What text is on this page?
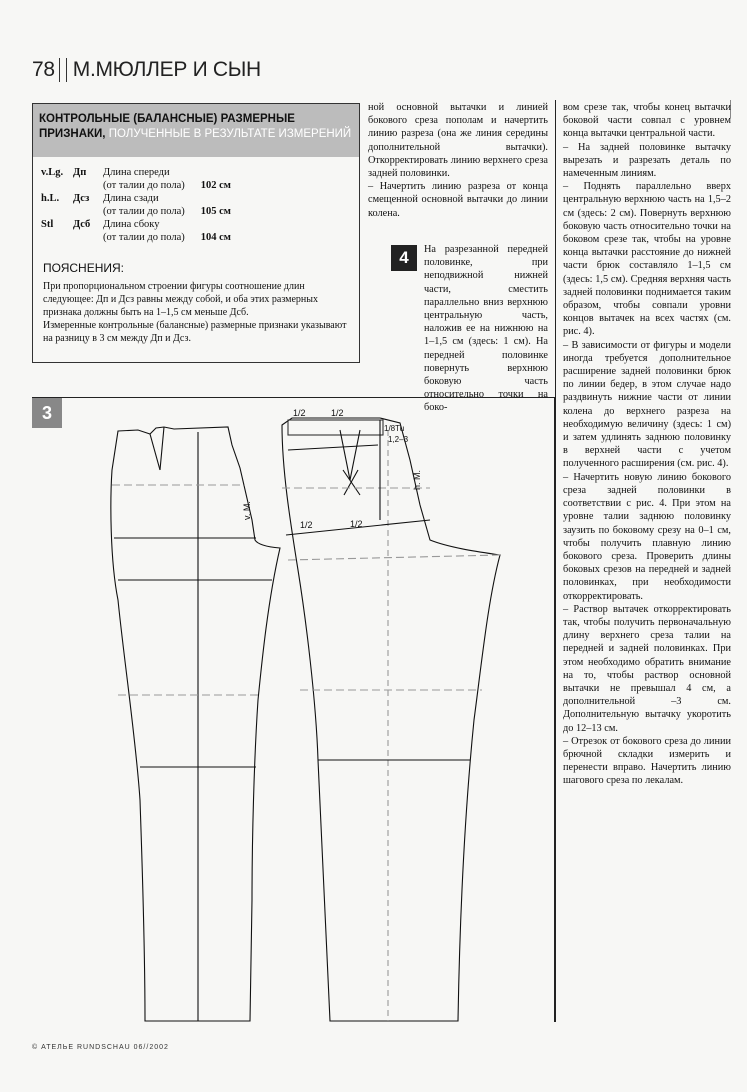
78 М.МЮЛЛЕР И СЫН
КОНТРОЛЬНЫЕ (БАЛАНСНЫЕ) РАЗМЕРНЫЕ
ПРИЗНАКИ, ПОЛУЧЕННЫЕ В РЕЗУЛЬТАТЕ ИЗМЕРЕНИЙ
v.Lg.	Дп	Длина спереди
(от талии до пола)	102 см
h.L.	Дсз	Длина сзади
(от талии до пола)	105 см
Stl	Дсб	Длина сбоку
(от талии до пола)	104 см
ПОЯСНЕНИЯ:
При пропорциональном строении фигуры соотношение длин следующее: Дп и Дсз равны между собой, и оба этих размерных признака должны быть на 1–1,5 см меньше Дсб.
Измеренные контрольные (балансные) размерные признаки указывают на разницу в 3 см между Дп и Дсз.

ной основной вытачки и линией бокового среза пополам и начертить линию разреза (она же линия середины дополнительной вытачки). Откорректировать линию верхнего среза задней половинки.

– Начертить линию разреза от конца смещенной основной вытачки до линии колена.

4	На разрезанной передней половинке, при неподвижной нижней части, сместить параллельно вниз верхнюю центральную часть, наложив ее на нижнюю на 1–1,5 см (здесь: 1 см). На передней половинке повернуть верхнюю боковую часть относительно точки на боко-

вом срезе так, чтобы конец вытачки боковой части совпал с уровнем конца вытачки центральной части.

– На задней половинке вытачку вырезать и разрезать деталь по намеченным линиям.

– Поднять параллельно вверх центральную верхнюю часть на 1,5–2 см (здесь: 2 см). Повернуть верхнюю боковую часть относительно точки на боковом срезе так, чтобы на уровне конца вытачки расстояние до нижней части брюк составляло 1–1,5 см (здесь: 1,5 см). Средняя верхняя часть задней половинки поднимается таким образом, чтобы совпали уровни концов вытачек на всех частях (см. рис. 4).

– В зависимости от фигуры и модели иногда требуется дополнительное расширение задней половинки брюк по линии бедер, в этом случае надо раздвинуть нижние части от линии колена до верхнего разреза на необходимую величину (здесь: 1 см) и затем удлинять заднюю половинку в верхней части с учетом полученного расширения (см. рис. 4).

– Начертить новую линию бокового среза задней половинки в соответствии с рис. 4. При этом на уровне талии заднюю половинку заузить по боковому срезу на 0–1 см, чтобы получить плавную линию бокового среза. Проверить длины боковых срезов на передней и задней половинках, при необходимости откорректировать.

– Раствор вытачек откорректировать так, чтобы получить первоначальную длину верхнего среза талии на передней и задней половинках. При этом необходимо обратить внимание на то, чтобы раствор основной вытачки не превышал 4 см, а дополнительной –3 см. Дополнительную вытачку укоротить до 12–13 см.

– Отрезок от бокового среза до линии брючной складки измерить и перенести вправо. Начертить линию шагового среза по лекалам.

3
v. M.
1/2	1/2
1/2	1/2
1/8Tu
1,2–3
h. M.
© АТЕЛЬЕ RUNDSCHAU 06//2002
